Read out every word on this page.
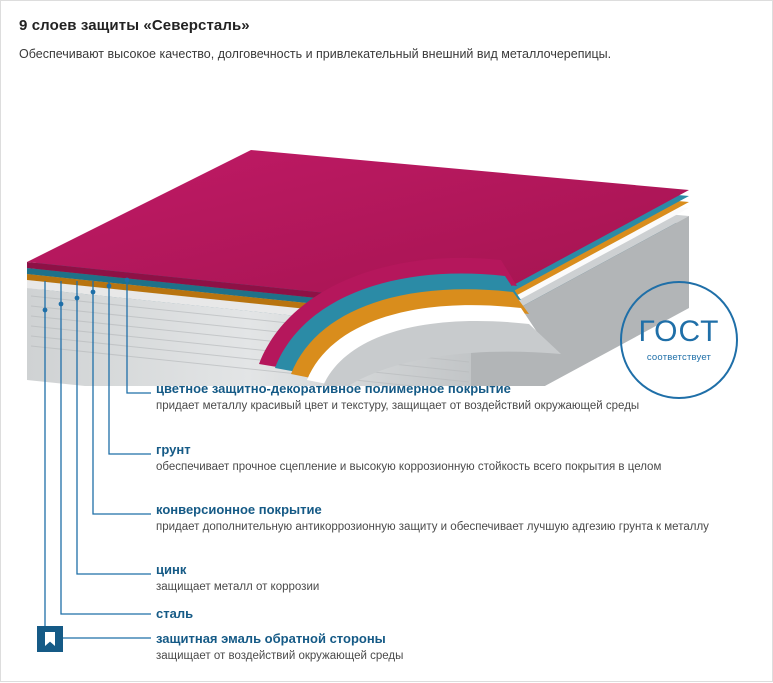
9 слоев защиты «Северсталь»

Обеспечивают высокое качество, долговечность и привлекательный внешний вид металлочерепицы.

ГОСТ
соответствует

цветное защитно-декоративное полимерное покрытие

придает металлу красивый цвет и текстуру, защищает от воздействий окружающей среды

грунт

обеспечивает прочное сцепление и высокую коррозионную стойкость всего покрытия в целом

конверсионное покрытие

придает дополнительную антикоррозионную защиту и обеспечивает лучшую адгезию грунта к металлу

цинк

защищает металл от коррозии

сталь

защитная эмаль обратной стороны

защищает от воздействий окружающей среды
